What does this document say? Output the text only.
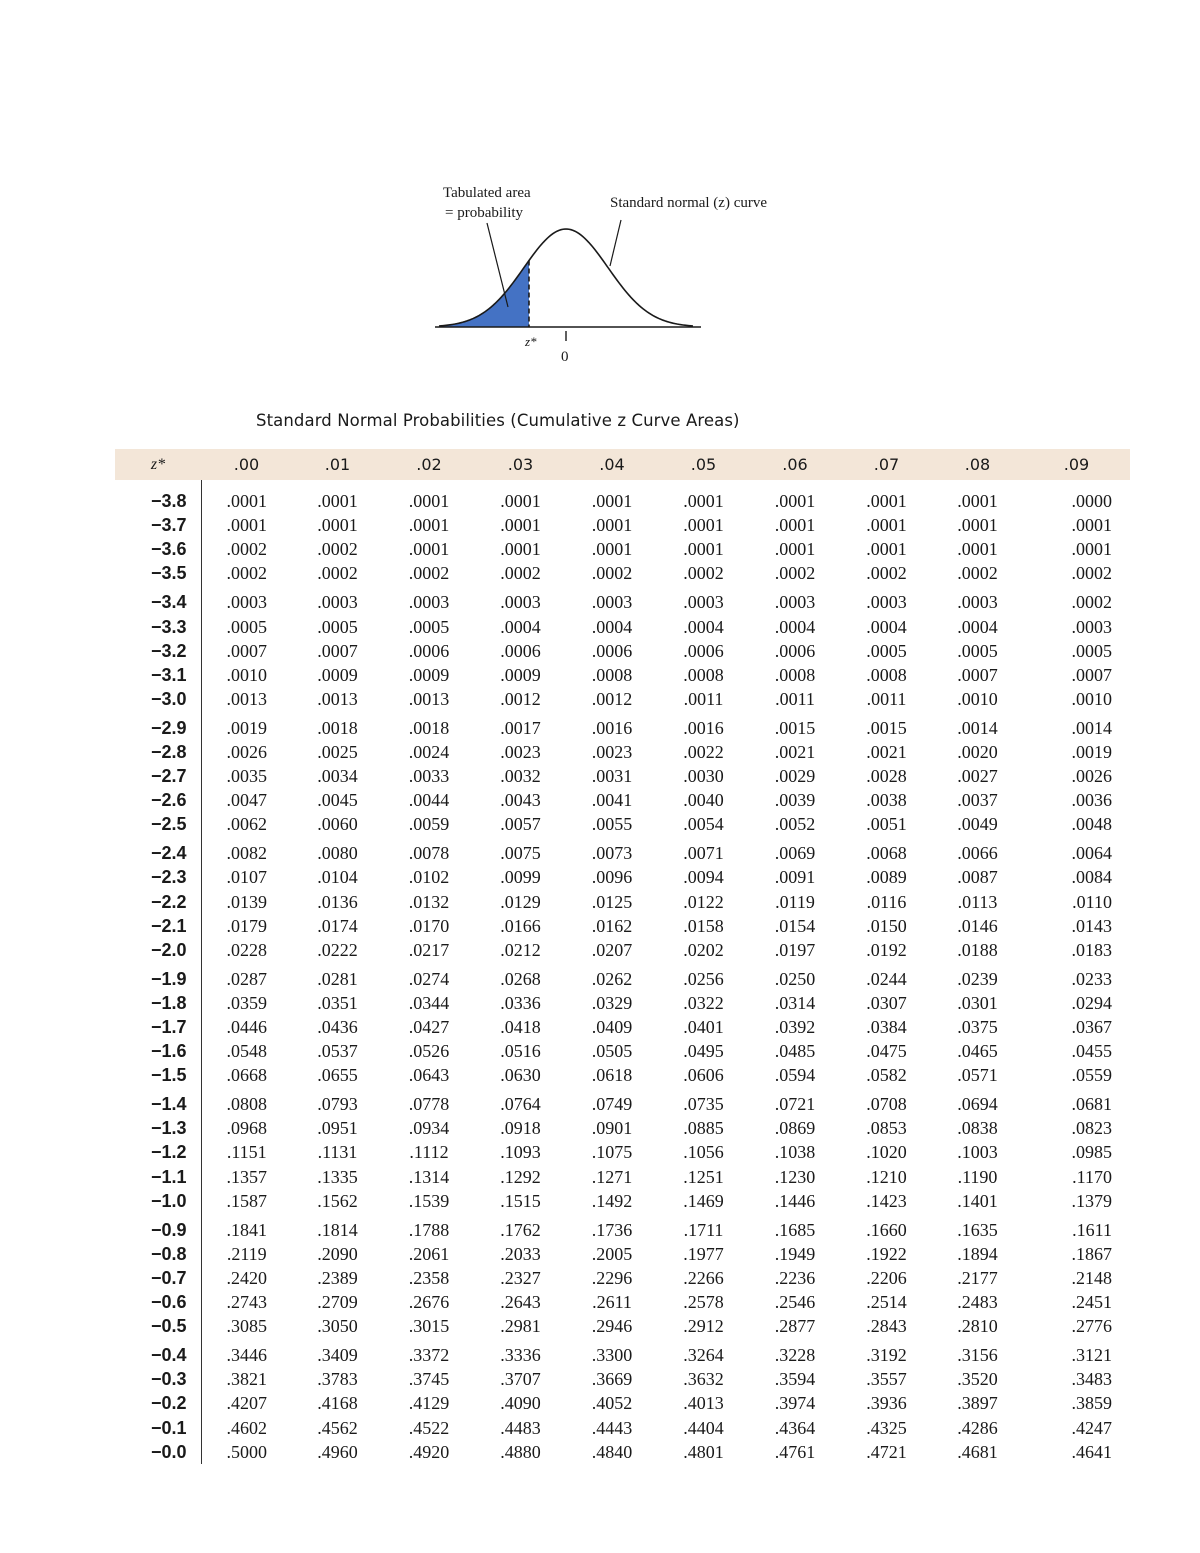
Tabulated area
= probability
Standard normal (z) curve
z*
0
Standard Normal Probabilities (Cumulative z Curve Areas)
z*	.00	.01	.02	.03	.04	.05	.06	.07	.08	.09
−3.8	.0001	.0001	.0001	.0001	.0001	.0001	.0001	.0001	.0001	.0000
−3.7	.0001	.0001	.0001	.0001	.0001	.0001	.0001	.0001	.0001	.0001
−3.6	.0002	.0002	.0001	.0001	.0001	.0001	.0001	.0001	.0001	.0001
−3.5	.0002	.0002	.0002	.0002	.0002	.0002	.0002	.0002	.0002	.0002
−3.4	.0003	.0003	.0003	.0003	.0003	.0003	.0003	.0003	.0003	.0002
−3.3	.0005	.0005	.0005	.0004	.0004	.0004	.0004	.0004	.0004	.0003
−3.2	.0007	.0007	.0006	.0006	.0006	.0006	.0006	.0005	.0005	.0005
−3.1	.0010	.0009	.0009	.0009	.0008	.0008	.0008	.0008	.0007	.0007
−3.0	.0013	.0013	.0013	.0012	.0012	.0011	.0011	.0011	.0010	.0010
−2.9	.0019	.0018	.0018	.0017	.0016	.0016	.0015	.0015	.0014	.0014
−2.8	.0026	.0025	.0024	.0023	.0023	.0022	.0021	.0021	.0020	.0019
−2.7	.0035	.0034	.0033	.0032	.0031	.0030	.0029	.0028	.0027	.0026
−2.6	.0047	.0045	.0044	.0043	.0041	.0040	.0039	.0038	.0037	.0036
−2.5	.0062	.0060	.0059	.0057	.0055	.0054	.0052	.0051	.0049	.0048
−2.4	.0082	.0080	.0078	.0075	.0073	.0071	.0069	.0068	.0066	.0064
−2.3	.0107	.0104	.0102	.0099	.0096	.0094	.0091	.0089	.0087	.0084
−2.2	.0139	.0136	.0132	.0129	.0125	.0122	.0119	.0116	.0113	.0110
−2.1	.0179	.0174	.0170	.0166	.0162	.0158	.0154	.0150	.0146	.0143
−2.0	.0228	.0222	.0217	.0212	.0207	.0202	.0197	.0192	.0188	.0183
−1.9	.0287	.0281	.0274	.0268	.0262	.0256	.0250	.0244	.0239	.0233
−1.8	.0359	.0351	.0344	.0336	.0329	.0322	.0314	.0307	.0301	.0294
−1.7	.0446	.0436	.0427	.0418	.0409	.0401	.0392	.0384	.0375	.0367
−1.6	.0548	.0537	.0526	.0516	.0505	.0495	.0485	.0475	.0465	.0455
−1.5	.0668	.0655	.0643	.0630	.0618	.0606	.0594	.0582	.0571	.0559
−1.4	.0808	.0793	.0778	.0764	.0749	.0735	.0721	.0708	.0694	.0681
−1.3	.0968	.0951	.0934	.0918	.0901	.0885	.0869	.0853	.0838	.0823
−1.2	.1151	.1131	.1112	.1093	.1075	.1056	.1038	.1020	.1003	.0985
−1.1	.1357	.1335	.1314	.1292	.1271	.1251	.1230	.1210	.1190	.1170
−1.0	.1587	.1562	.1539	.1515	.1492	.1469	.1446	.1423	.1401	.1379
−0.9	.1841	.1814	.1788	.1762	.1736	.1711	.1685	.1660	.1635	.1611
−0.8	.2119	.2090	.2061	.2033	.2005	.1977	.1949	.1922	.1894	.1867
−0.7	.2420	.2389	.2358	.2327	.2296	.2266	.2236	.2206	.2177	.2148
−0.6	.2743	.2709	.2676	.2643	.2611	.2578	.2546	.2514	.2483	.2451
−0.5	.3085	.3050	.3015	.2981	.2946	.2912	.2877	.2843	.2810	.2776
−0.4	.3446	.3409	.3372	.3336	.3300	.3264	.3228	.3192	.3156	.3121
−0.3	.3821	.3783	.3745	.3707	.3669	.3632	.3594	.3557	.3520	.3483
−0.2	.4207	.4168	.4129	.4090	.4052	.4013	.3974	.3936	.3897	.3859
−0.1	.4602	.4562	.4522	.4483	.4443	.4404	.4364	.4325	.4286	.4247
−0.0	.5000	.4960	.4920	.4880	.4840	.4801	.4761	.4721	.4681	.4641
